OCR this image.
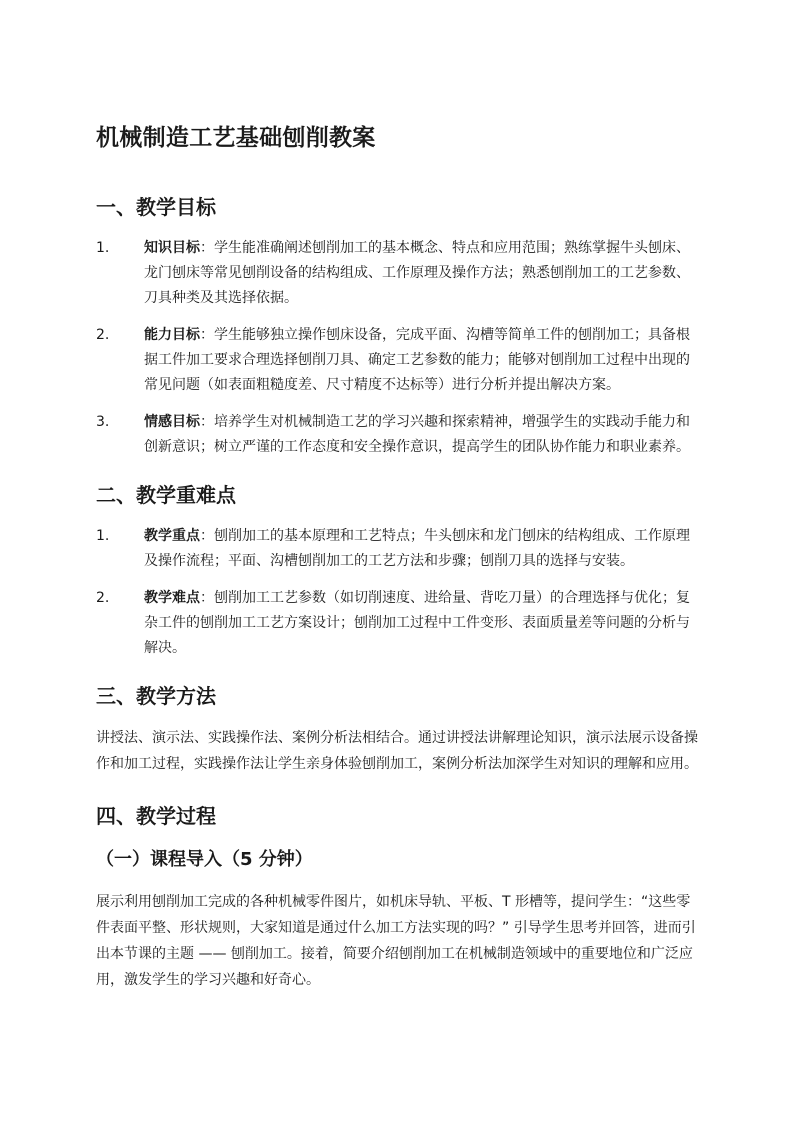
机械制造工艺基础刨削教案
一、教学目标
1. 知识目标：学生能准确阐述刨削加工的基本概念、特点和应用范围；熟练掌握牛头刨床、龙门刨床等常见刨削设备的结构组成、工作原理及操作方法；熟悉刨削加工的工艺参数、刀具种类及其选择依据。
2. 能力目标：学生能够独立操作刨床设备，完成平面、沟槽等简单工件的刨削加工；具备根据工件加工要求合理选择刨削刀具、确定工艺参数的能力；能够对刨削加工过程中出现的常见问题（如表面粗糙度差、尺寸精度不达标等）进行分析并提出解决方案。
3. 情感目标：培养学生对机械制造工艺的学习兴趣和探索精神，增强学生的实践动手能力和创新意识；树立严谨的工作态度和安全操作意识，提高学生的团队协作能力和职业素养。
二、教学重难点
1. 教学重点：刨削加工的基本原理和工艺特点；牛头刨床和龙门刨床的结构组成、工作原理及操作流程；平面、沟槽刨削加工的工艺方法和步骤；刨削刀具的选择与安装。
2. 教学难点：刨削加工工艺参数（如切削速度、进给量、背吃刀量）的合理选择与优化；复杂工件的刨削加工工艺方案设计；刨削加工过程中工件变形、表面质量差等问题的分析与解决。
三、教学方法

讲授法、演示法、实践操作法、案例分析法相结合。通过讲授法讲解理论知识，演示法展示设备操作和加工过程，实践操作法让学生亲身体验刨削加工，案例分析法加深学生对知识的理解和应用。

四、教学过程
（一）课程导入（5 分钟）

展示利用刨削加工完成的各种机械零件图片，如机床导轨、平板、T 形槽等，提问学生：“这些零件表面平整、形状规则，大家知道是通过什么加工方法实现的吗？” 引导学生思考并回答，进而引出本节课的主题 —— 刨削加工。接着，简要介绍刨削加工在机械制造领域中的重要地位和广泛应用，激发学生的学习兴趣和好奇心。
